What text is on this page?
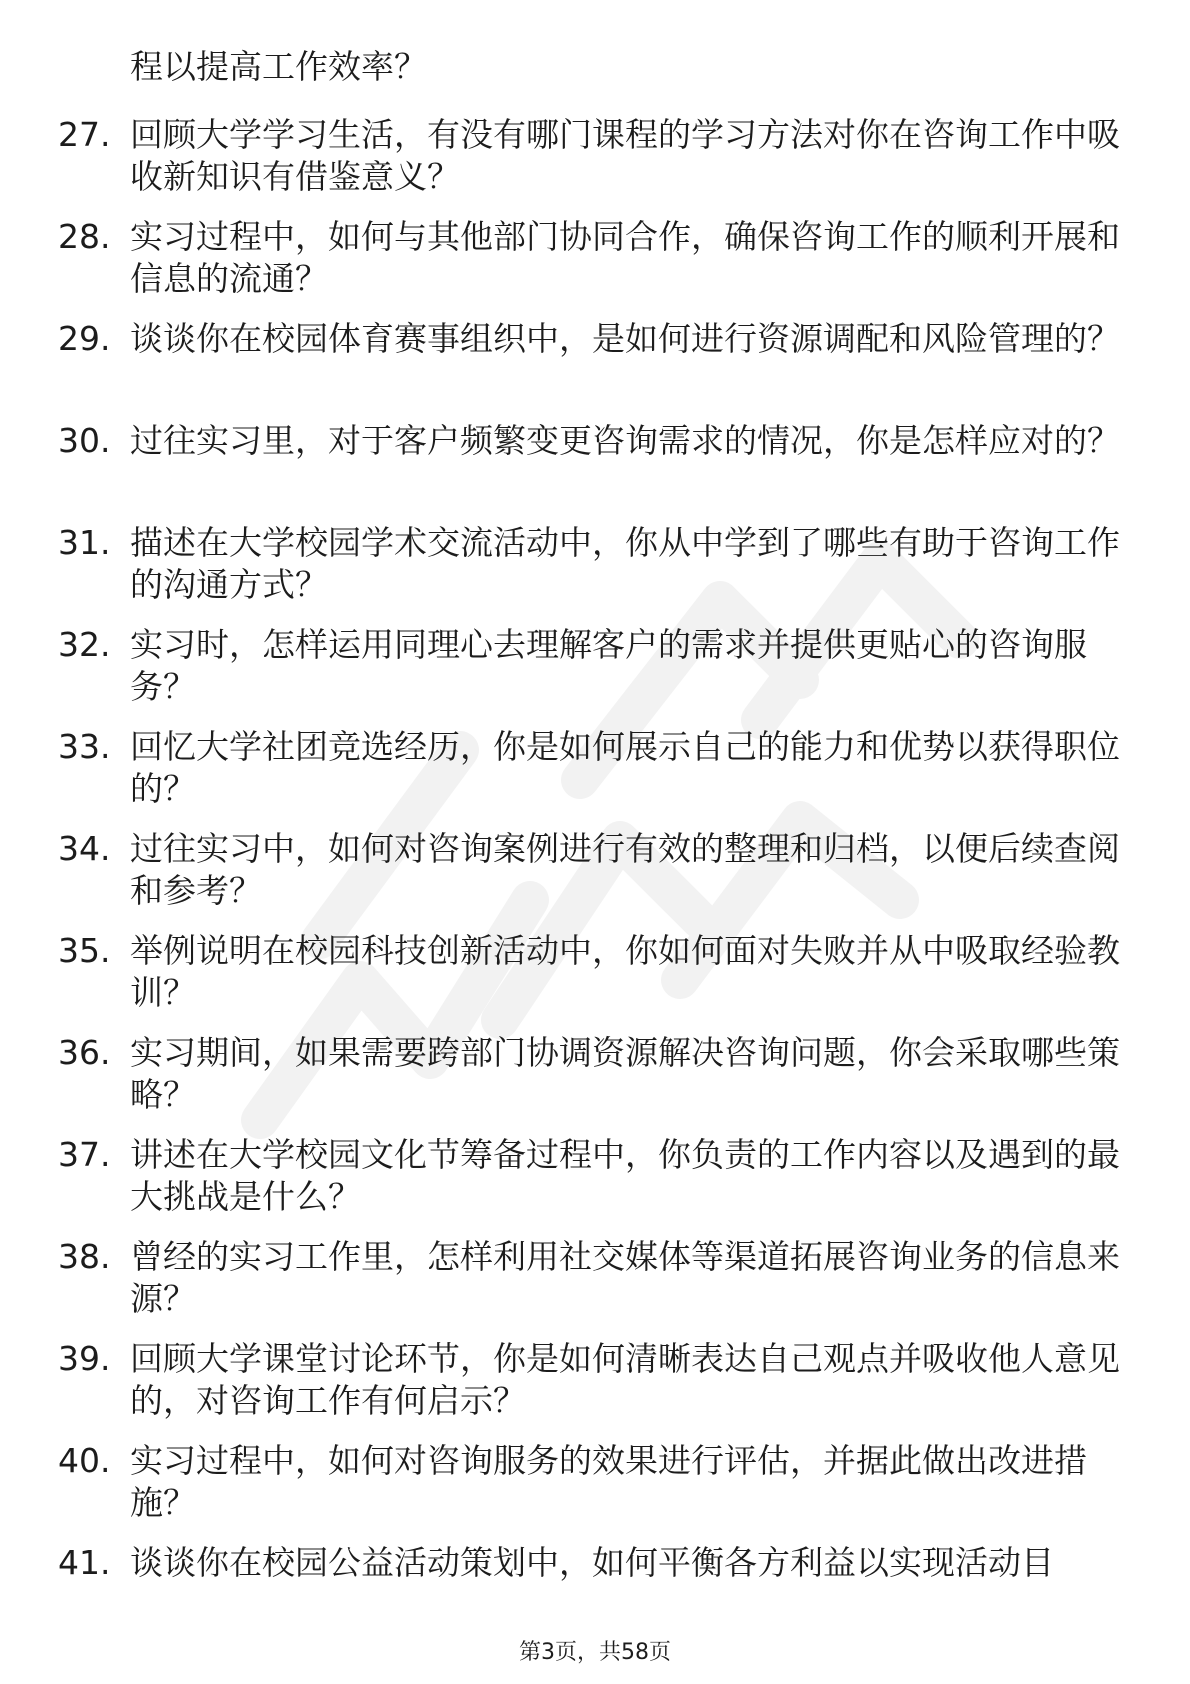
程以提高工作效率？
27. 回顾大学学习生活，有没有哪门课程的学习方法对你在咨询工作中吸收新知识有借鉴意义？
28. 实习过程中，如何与其他部门协同合作，确保咨询工作的顺利开展和信息的流通？
29. 谈谈你在校园体育赛事组织中，是如何进行资源调配和风险管理的？
30. 过往实习里，对于客户频繁变更咨询需求的情况，你是怎样应对的？
31. 描述在大学校园学术交流活动中，你从中学到了哪些有助于咨询工作的沟通方式？
32. 实习时，怎样运用同理心去理解客户的需求并提供更贴心的咨询服务？
33. 回忆大学社团竞选经历，你是如何展示自己的能力和优势以获得职位的？
34. 过往实习中，如何对咨询案例进行有效的整理和归档，以便后续查阅和参考？
35. 举例说明在校园科技创新活动中，你如何面对失败并从中吸取经验教训？
36. 实习期间，如果需要跨部门协调资源解决咨询问题，你会采取哪些策略？
37. 讲述在大学校园文化节筹备过程中，你负责的工作内容以及遇到的最大挑战是什么？
38. 曾经的实习工作里，怎样利用社交媒体等渠道拓展咨询业务的信息来源？
39. 回顾大学课堂讨论环节，你是如何清晰表达自己观点并吸收他人意见的，对咨询工作有何启示？
40. 实习过程中，如何对咨询服务的效果进行评估，并据此做出改进措施？
41. 谈谈你在校园公益活动策划中，如何平衡各方利益以实现活动目
第3页，共58页
